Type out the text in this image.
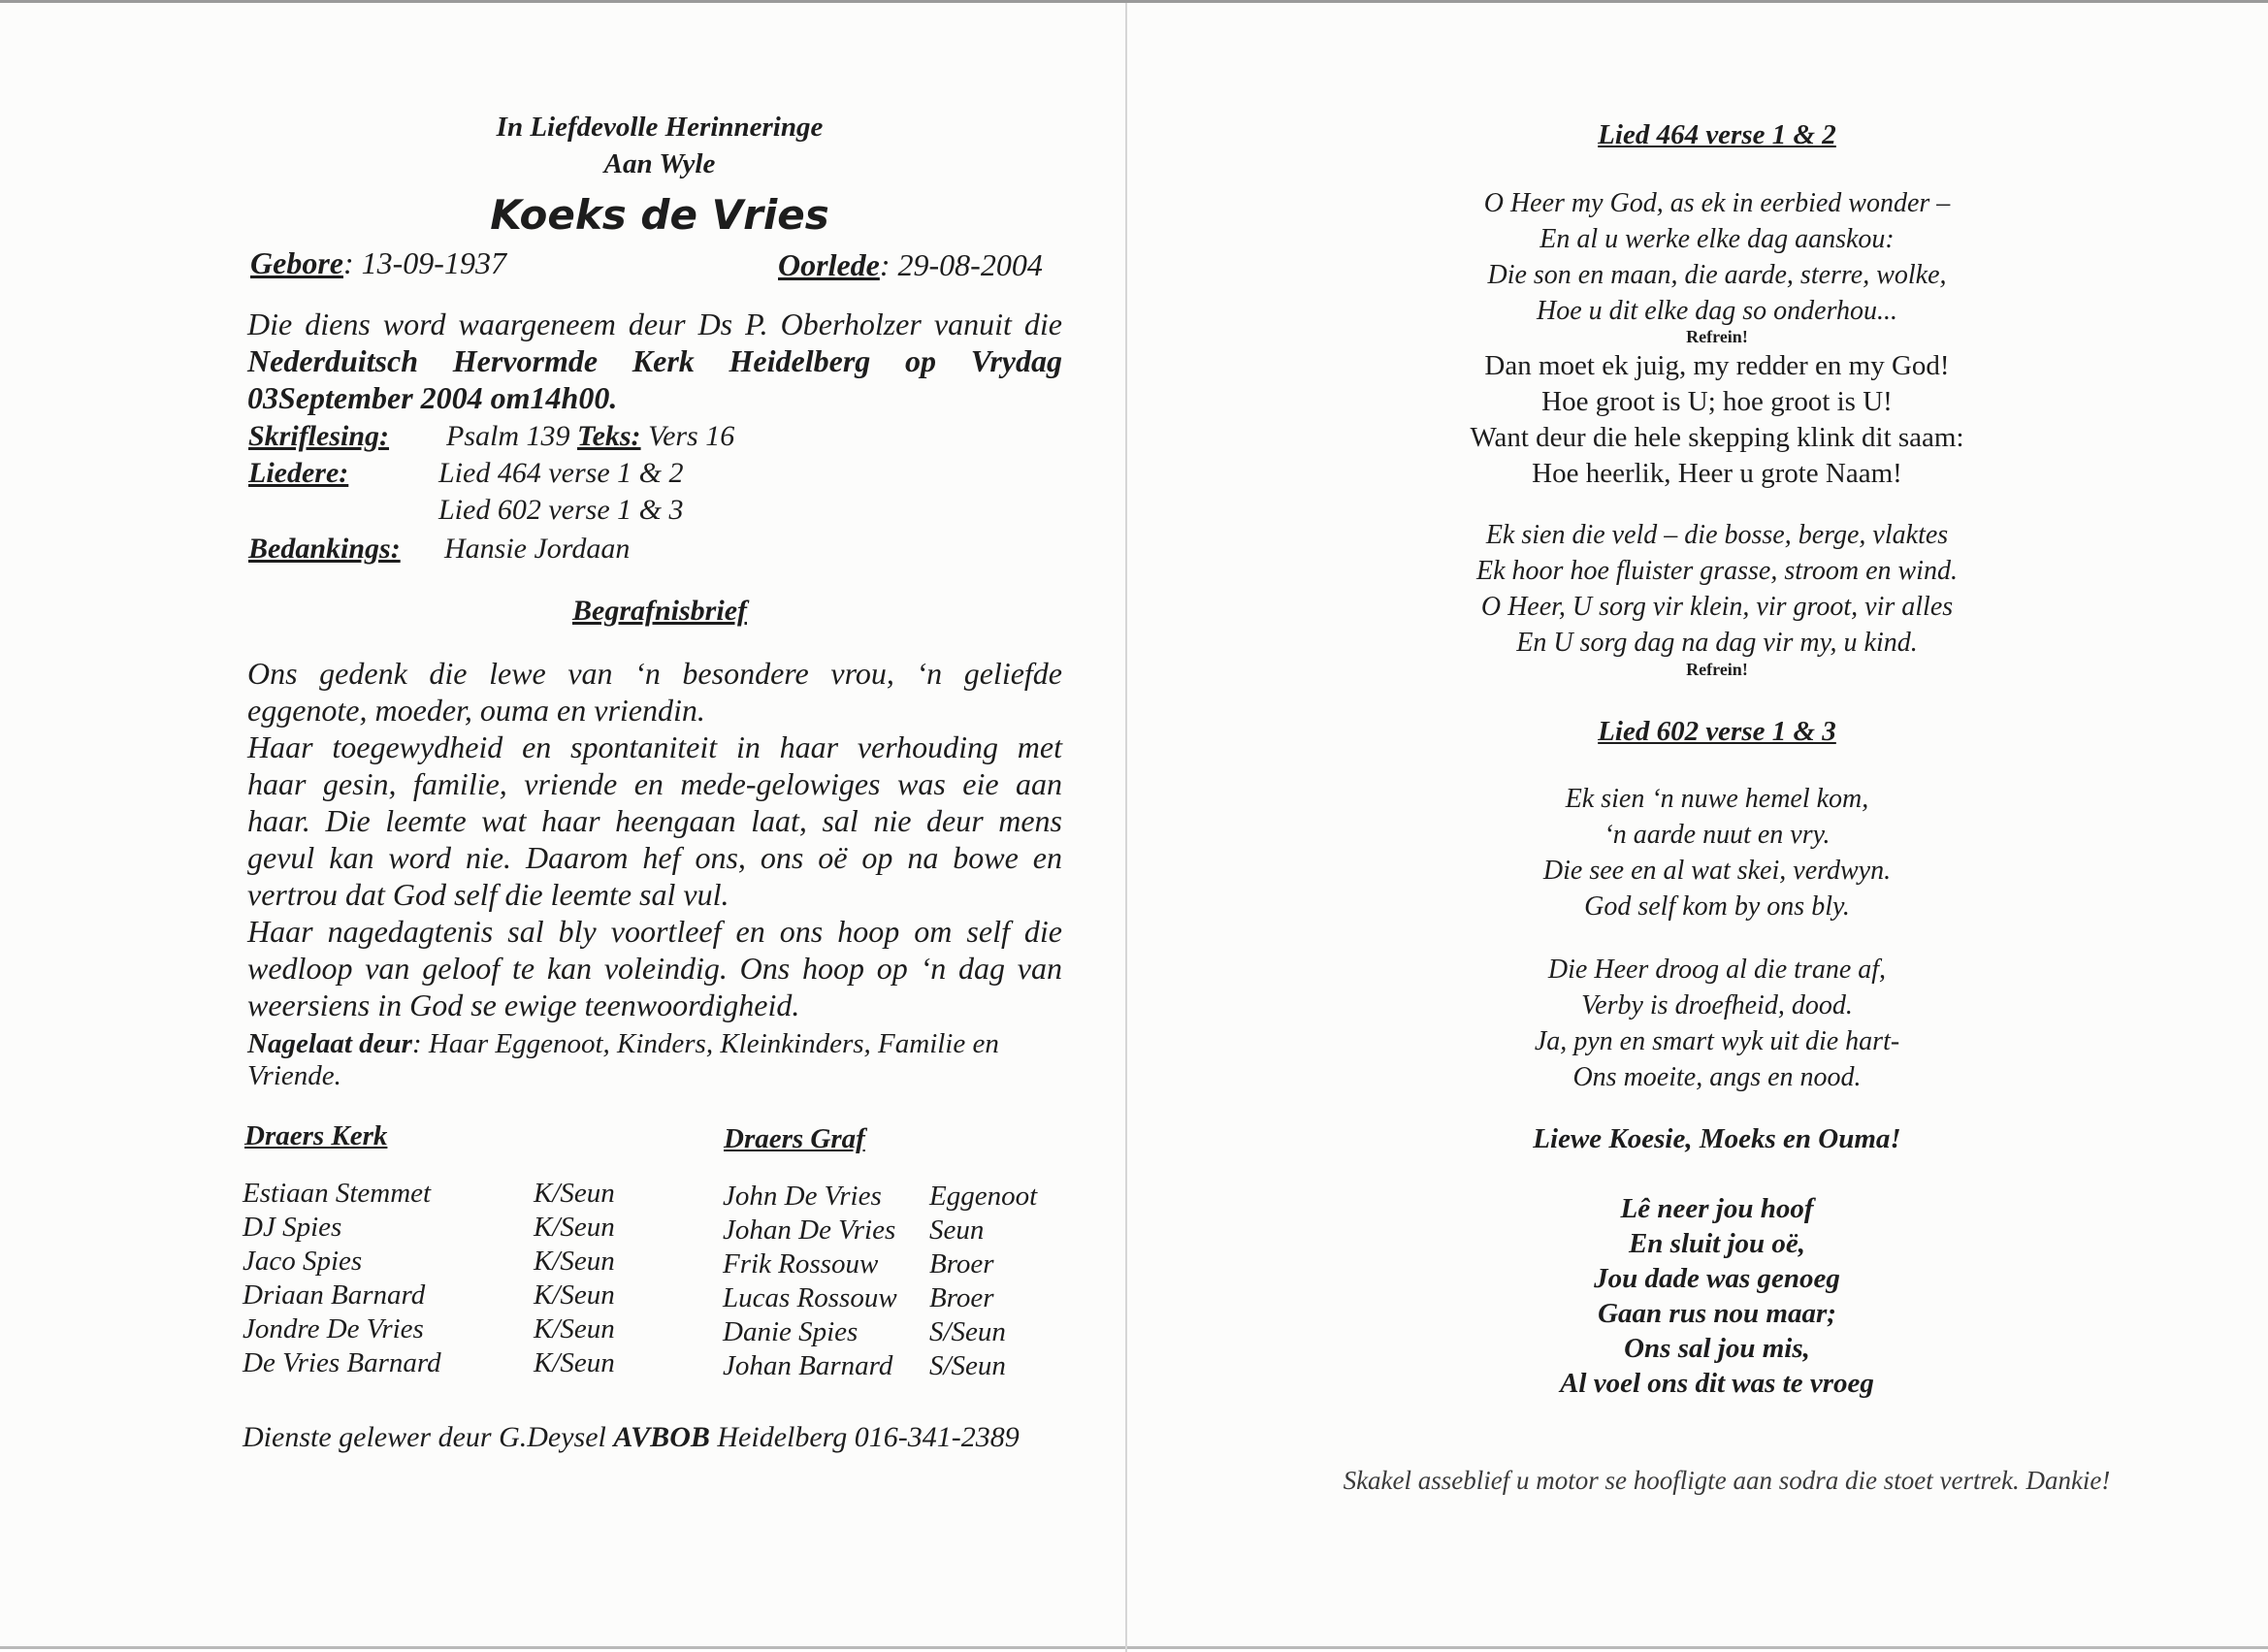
In Liefdevolle Herinneringe
Aan Wyle
Koeks de Vries
Gebore: 13-09-1937	Oorlede: 29-08-2004
Die diens word waargeneem deur Ds P. Oberholzer vanuit die
Nederduitsch Hervormde Kerk Heidelberg op Vrydag
03September 2004 om14h00.
Skriflesing: Psalm 139 Teks: Vers 16
Liedere:	Lied 464 verse 1 & 2
Lied 602 verse 1 & 3
Bedankings: Hansie Jordaan
Begrafnisbrief
Ons gedenk die lewe van ‘n besondere vrou, ‘n geliefde
eggenote, moeder, ouma en vriendin.
Haar toegewydheid en spontaniteit in haar verhouding met
haar gesin, familie, vriende en mede-gelowiges was eie aan
haar. Die leemte wat haar heengaan laat, sal nie deur mens
gevul kan word nie. Daarom hef ons, ons oë op na bowe en
vertrou dat God self die leemte sal vul.
Haar nagedagtenis sal bly voortleef en ons hoop om self die
wedloop van geloof te kan voleindig. Ons hoop op ‘n dag van
weersiens in God se ewige teenwoordigheid.
Nagelaat deur: Haar Eggenoot, Kinders, Kleinkinders, Familie en
Vriende.
Draers Kerk	Draers Graf
Estiaan Stemmet	K/Seun
DJ Spies	K/Seun
Jaco Spies	K/Seun
Driaan Barnard	K/Seun
Jondre De Vries	K/Seun
De Vries Barnard	K/Seun
John De Vries	Eggenoot
Johan De Vries	Seun
Frik Rossouw	Broer
Lucas Rossouw	Broer
Danie Spies	S/Seun
Johan Barnard	S/Seun
Dienste gelewer deur G.Deysel AVBOB Heidelberg 016-341-2389
Lied 464 verse 1 & 2
O Heer my God, as ek in eerbied wonder –
En al u werke elke dag aanskou:
Die son en maan, die aarde, sterre, wolke,
Hoe u dit elke dag so onderhou...
Refrein!
Dan moet ek juig, my redder en my God!
Hoe groot is U; hoe groot is U!
Want deur die hele skepping klink dit saam:
Hoe heerlik, Heer u grote Naam!
Ek sien die veld – die bosse, berge, vlaktes
Ek hoor hoe fluister grasse, stroom en wind.
O Heer, U sorg vir klein, vir groot, vir alles
En U sorg dag na dag vir my, u kind.
Refrein!
Lied 602 verse 1 & 3
Ek sien ‘n nuwe hemel kom,
‘n aarde nuut en vry.
Die see en al wat skei, verdwyn.
God self kom by ons bly.
Die Heer droog al die trane af,
Verby is droefheid, dood.
Ja, pyn en smart wyk uit die hart-
Ons moeite, angs en nood.
Liewe Koesie, Moeks en Ouma!
Lê neer jou hoof
En sluit jou oë,
Jou dade was genoeg
Gaan rus nou maar;
Ons sal jou mis,
Al voel ons dit was te vroeg
Skakel asseblief u motor se hoofligte aan sodra die stoet vertrek. Dankie!
